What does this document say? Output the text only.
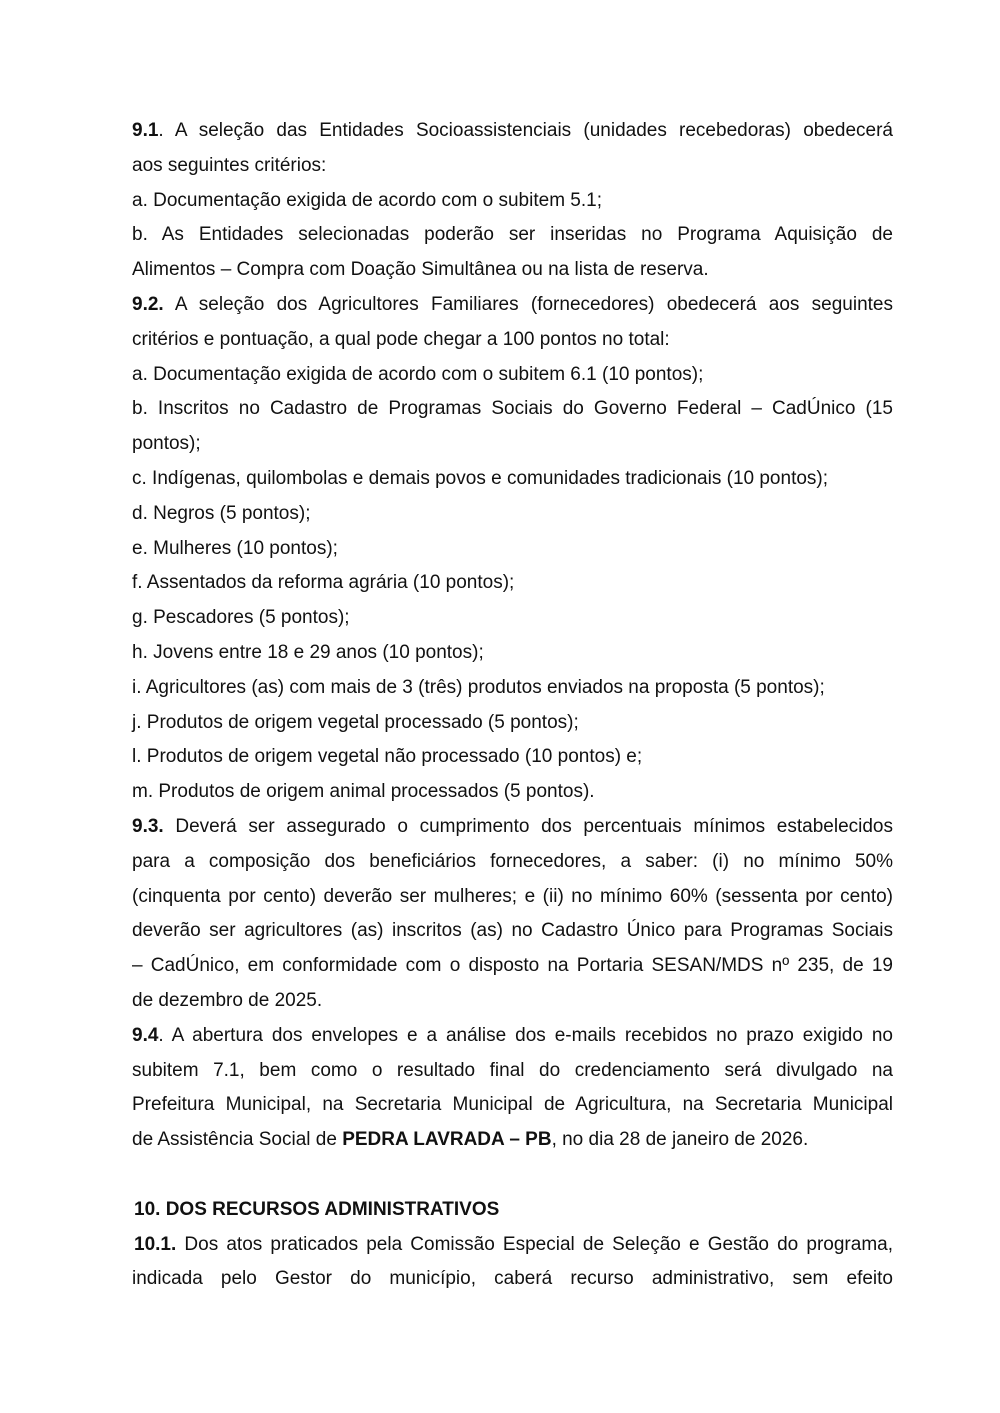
9.1. A seleção das Entidades Socioassistenciais (unidades recebedoras) obedecerá
aos seguintes critérios:
a. Documentação exigida de acordo com o subitem 5.1;
b. As Entidades selecionadas poderão ser inseridas no Programa Aquisição de
Alimentos – Compra com Doação Simultânea ou na lista de reserva.
9.2. A seleção dos Agricultores Familiares (fornecedores) obedecerá aos seguintes
critérios e pontuação, a qual pode chegar a 100 pontos no total:
a. Documentação exigida de acordo com o subitem 6.1 (10 pontos);
b. Inscritos no Cadastro de Programas Sociais do Governo Federal – CadÚnico (15
pontos);
c. Indígenas, quilombolas e demais povos e comunidades tradicionais (10 pontos);
d. Negros (5 pontos);
e. Mulheres (10 pontos);
f. Assentados da reforma agrária (10 pontos);
g. Pescadores (5 pontos);
h. Jovens entre 18 e 29 anos (10 pontos);
i. Agricultores (as) com mais de 3 (três) produtos enviados na proposta (5 pontos);
j. Produtos de origem vegetal processado (5 pontos);
l. Produtos de origem vegetal não processado (10 pontos) e;
m. Produtos de origem animal processados (5 pontos).
9.3. Deverá ser assegurado o cumprimento dos percentuais mínimos estabelecidos
para a composição dos beneficiários fornecedores, a saber: (i) no mínimo 50%
(cinquenta por cento) deverão ser mulheres; e (ii) no mínimo 60% (sessenta por cento)
deverão ser agricultores (as) inscritos (as) no Cadastro Único para Programas Sociais
– CadÚnico, em conformidade com o disposto na Portaria SESAN/MDS nº 235, de 19
de dezembro de 2025.
9.4. A abertura dos envelopes e a análise dos e-mails recebidos no prazo exigido no
subitem 7.1, bem como o resultado final do credenciamento será divulgado na
Prefeitura Municipal, na Secretaria Municipal de Agricultura, na Secretaria Municipal
de Assistência Social de PEDRA LAVRADA – PB, no dia 28 de janeiro de 2026.
10. DOS RECURSOS ADMINISTRATIVOS
10.1. Dos atos praticados pela Comissão Especial de Seleção e Gestão do programa,
indicada pelo Gestor do município, caberá recurso administrativo, sem efeito
